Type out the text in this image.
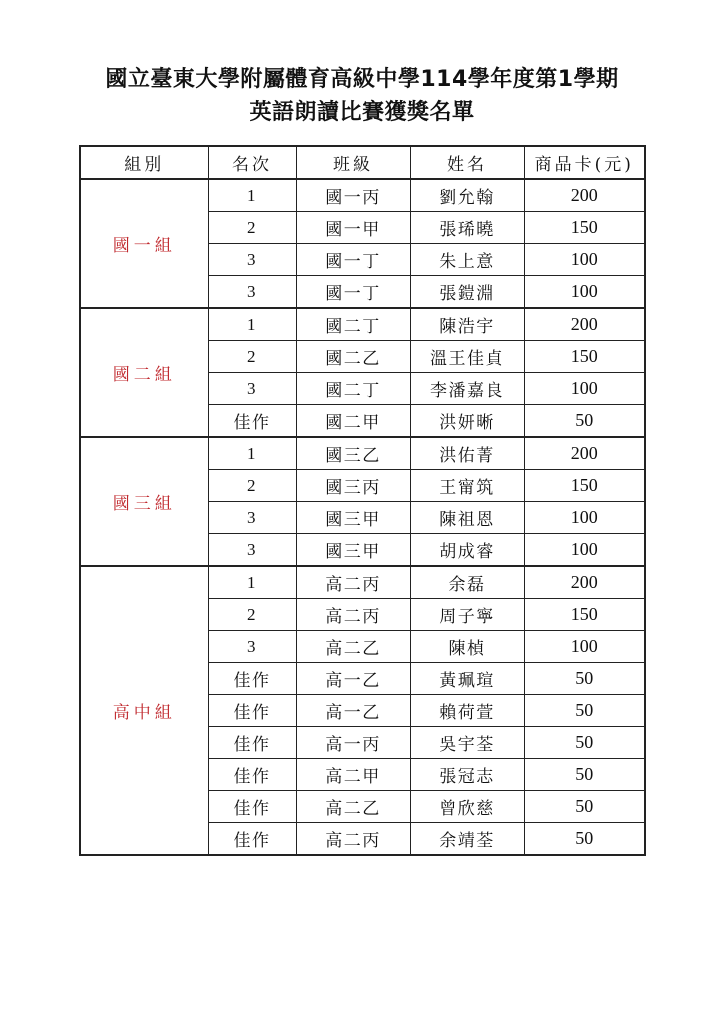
國立臺東大學附屬體育高級中學114學年度第1學期
英語朗讀比賽獲獎名單
組別	名次	班級	姓名	商品卡(元)
國一組	1	國一丙	劉允翰	200
	2	國一甲	張琋曉	150
	3	國一丁	朱上意	100
	3	國一丁	張鎧淵	100
國二組	1	國二丁	陳浩宇	200
	2	國二乙	溫王佳貞	150
	3	國二丁	李潘嘉良	100
	佳作	國二甲	洪妍晰	50
國三組	1	國三乙	洪佑菁	200
	2	國三丙	王甯筑	150
	3	國三甲	陳祖恩	100
	3	國三甲	胡成睿	100
高中組	1	高二丙	余磊	200
	2	高二丙	周子寧	150
	3	高二乙	陳楨	100
	佳作	高一乙	黃珮瑄	50
	佳作	高一乙	賴荷萱	50
	佳作	高一丙	吳宇荃	50
	佳作	高二甲	張冠志	50
	佳作	高二乙	曾欣慈	50
	佳作	高二丙	余靖荃	50
